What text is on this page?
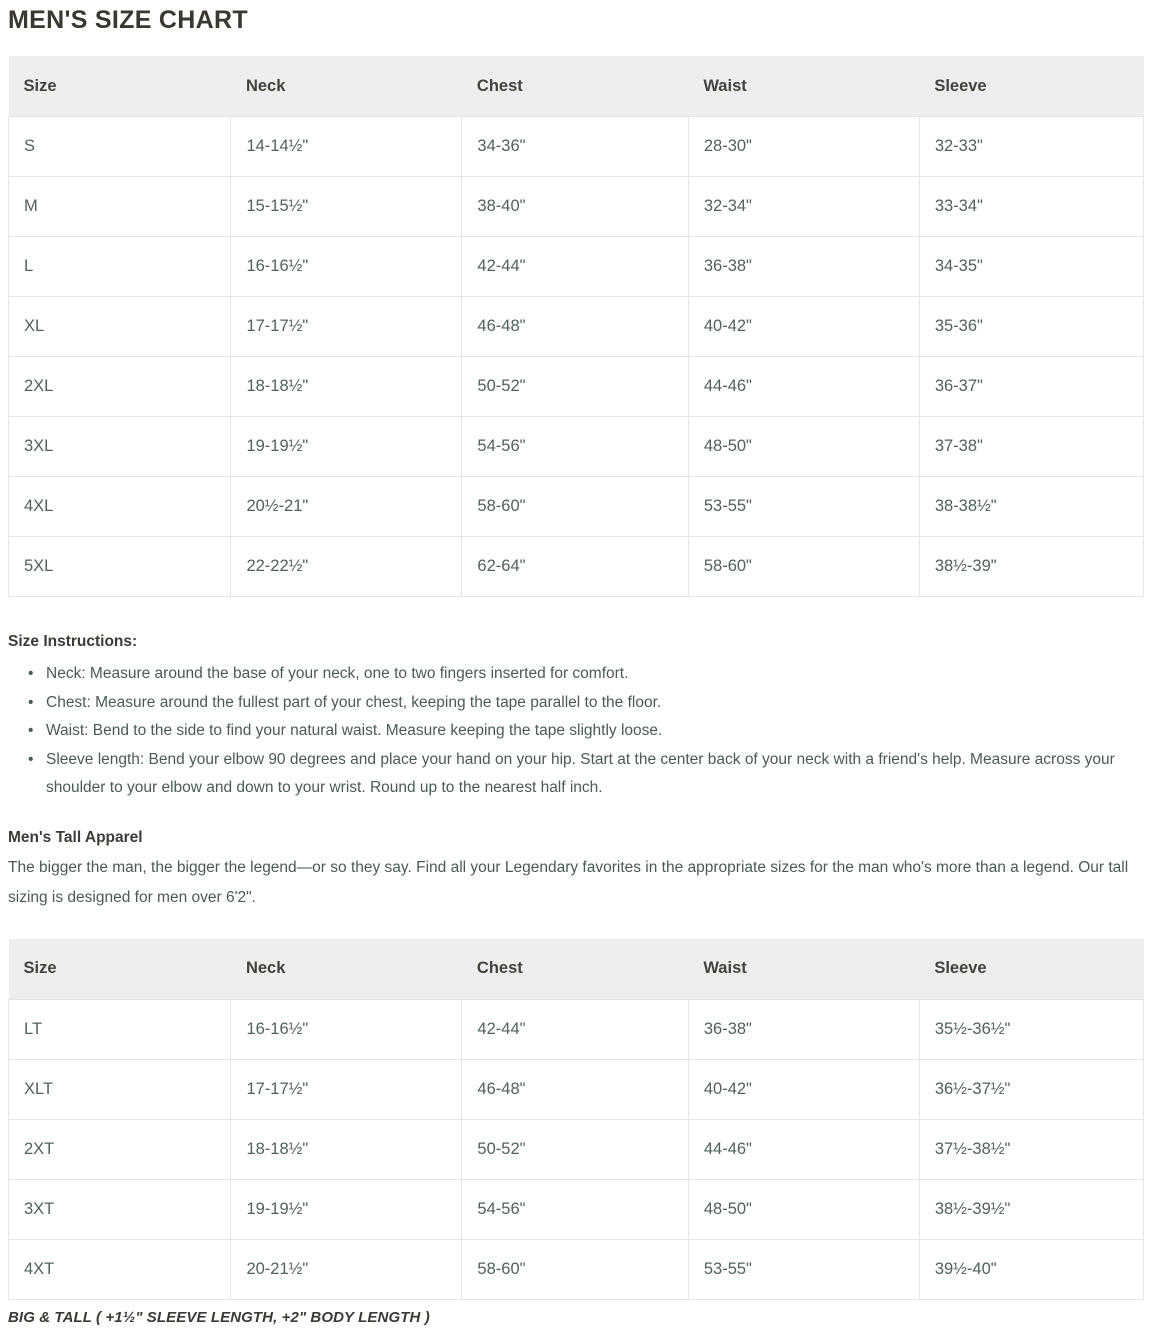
MEN'S SIZE CHART
Size	Neck	Chest	Waist	Sleeve
S	14-14½"	34-36"	28-30"	32-33"
M	15-15½"	38-40"	32-34"	33-34"
L	16-16½"	42-44"	36-38"	34-35"
XL	17-17½"	46-48"	40-42"	35-36"
2XL	18-18½"	50-52"	44-46"	36-37"
3XL	19-19½"	54-56"	48-50"	37-38"
4XL	20½-21"	58-60"	53-55"	38-38½"
5XL	22-22½"	62-64"	58-60"	38½-39"
Size Instructions:
• Neck: Measure around the base of your neck, one to two fingers inserted for comfort.
• Chest: Measure around the fullest part of your chest, keeping the tape parallel to the floor.
• Waist: Bend to the side to find your natural waist. Measure keeping the tape slightly loose.
• Sleeve length: Bend your elbow 90 degrees and place your hand on your hip. Start at the center back of your neck with a friend's help. Measure across your shoulder to your elbow and down to your wrist. Round up to the nearest half inch.
Men's Tall Apparel

The bigger the man, the bigger the legend—or so they say. Find all your Legendary favorites in the appropriate sizes for the man who's more than a legend. Our tall sizing is designed for men over 6'2".

Size	Neck	Chest	Waist	Sleeve
LT	16-16½"	42-44"	36-38"	35½-36½"
XLT	17-17½"	46-48"	40-42"	36½-37½"
2XT	18-18½"	50-52"	44-46"	37½-38½"
3XT	19-19½"	54-56"	48-50"	38½-39½"
4XT	20-21½"	58-60"	53-55"	39½-40"

BIG & TALL ( +1½" SLEEVE LENGTH, +2" BODY LENGTH )
